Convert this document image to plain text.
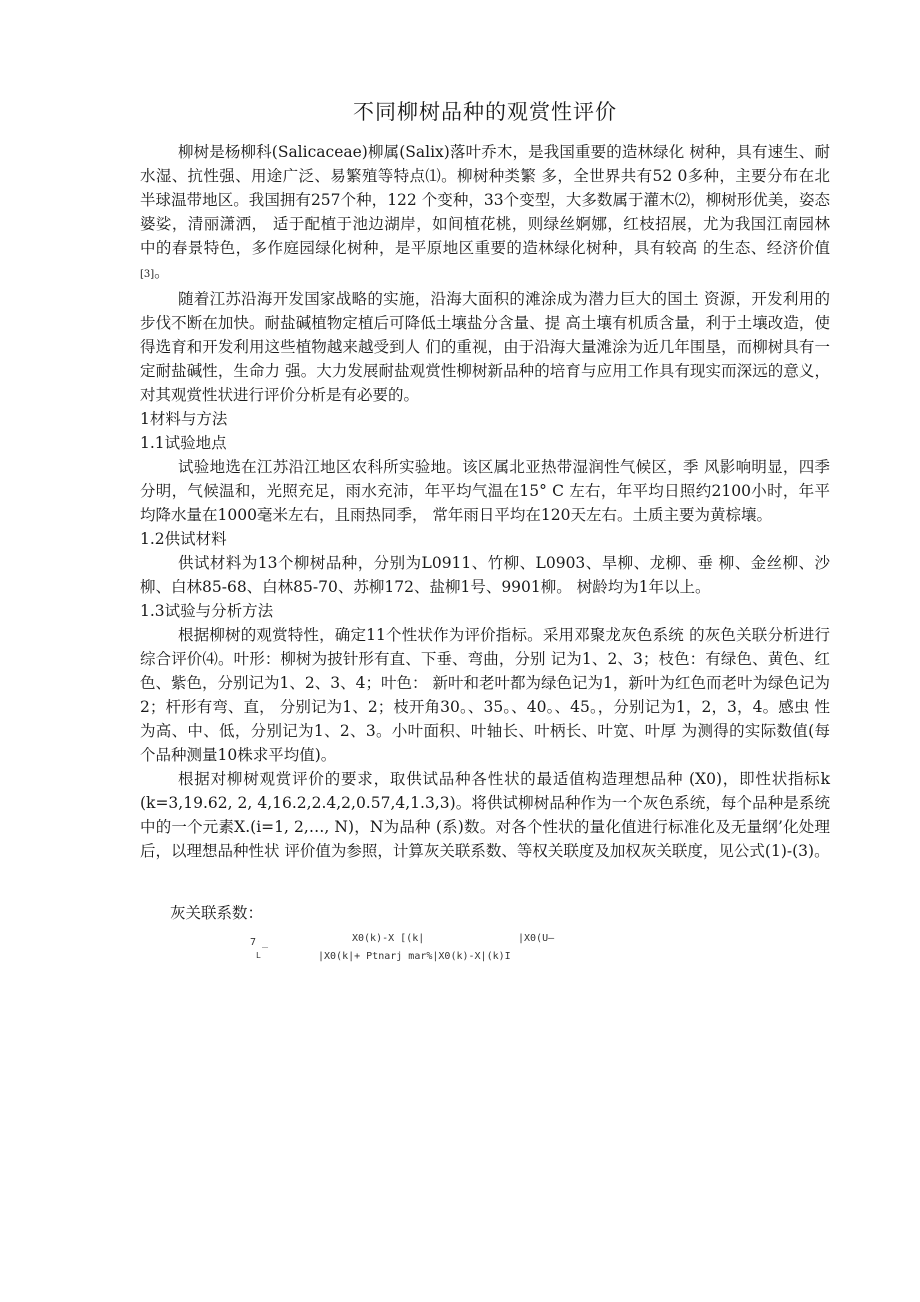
不同柳树品种的观赏性评价

柳树是杨柳科(Salicaceae)柳属(Salix)落叶乔木，是我国重要的造林绿化 树种，具有速生、耐水湿、抗性强、用途广泛、易繁殖等特点⑴。柳树种类繁 多，全世界共有52 0多种，主要分布在北半球温带地区。我国拥有257个种，122 个变种，33个变型，大多数属于灌木⑵，柳树形优美，姿态婆娑，清丽潇洒， 适于配植于池边湖岸，如间植花桃，则绿丝婀娜，红枝招展，尤为我国江南园林 中的春景特色，多作庭园绿化树种，是平原地区重要的造林绿化树种，具有较高 的生态、经济价值[3]。

随着江苏沿海开发国家战略的实施，沿海大面积的滩涂成为潜力巨大的国土 资源，开发利用的步伐不断在加快。耐盐碱植物定植后可降低土壤盐分含量、提 高土壤有机质含量，利于土壤改造，使得选育和开发利用这些植物越来越受到人 们的重视，由于沿海大量滩涂为近几年围垦，而柳树具有一定耐盐碱性，生命力 强。大力发展耐盐观赏性柳树新品种的培育与应用工作具有现实而深远的意义， 对其观赏性状进行评价分析是有必要的。

1材料与方法

1.1试验地点

试验地选在江苏沿江地区农科所实验地。该区属北亚热带湿润性气候区，季 风影响明显，四季分明，气候温和，光照充足，雨水充沛，年平均气温在15° C 左右，年平均日照约2100小时，年平均降水量在1000毫米左右，且雨热同季， 常年雨日平均在120天左右。土质主要为黄棕壤。

1.2供试材料

供试材料为13个柳树品种，分别为L0911、竹柳、L0903、旱柳、龙柳、垂 柳、金丝柳、沙柳、白林85-68、白林85-70、苏柳172、盐柳1号、9901柳。 树龄均为1年以上。

1.3试验与分析方法

根据柳树的观赏特性，确定11个性状作为评价指标。采用邓聚龙灰色系统 的灰色关联分析进行综合评价⑷。叶形：柳树为披针形有直、下垂、弯曲，分别 记为1、2、3；枝色：有绿色、黄色、红色、紫色，分别记为1、2、3、4；叶色： 新叶和老叶都为绿色记为1，新叶为红色而老叶为绿色记为2；杆形有弯、直， 分别记为1、2；枝开角30。、35。、40。、45。，分别记为1，2，3，4。感虫 性为高、中、低，分别记为1、2、3。小叶面积、叶轴长、叶柄长、叶宽、叶厚 为测得的实际数值(每个品种测量10株求平均值)。

根据对柳树观赏评价的要求，取供试品种各性状的最适值构造理想品种 (X0)，即性状指标k (k=3,19.62, 2, 4,16.2,2.4,2,0.57,4,1.3,3)。将供试柳树品种作为一个灰色系统，每个品种是系统中的一个元素X.(i=1, 2,…, N)，N为品种 (系)数。对各个性状的量化值进行标准化及无量纲’化处理后，以理想品种性状 评价值为参照，计算灰关联系数、等权关联度及加权灰关联度，见公式(1)-(3)。

灰关联系数：

7 _
L
X0(k)-X [(k|	|X0(U—
|X0(k|+ Ptnarj mar%|X0(k)-X|(k)I
